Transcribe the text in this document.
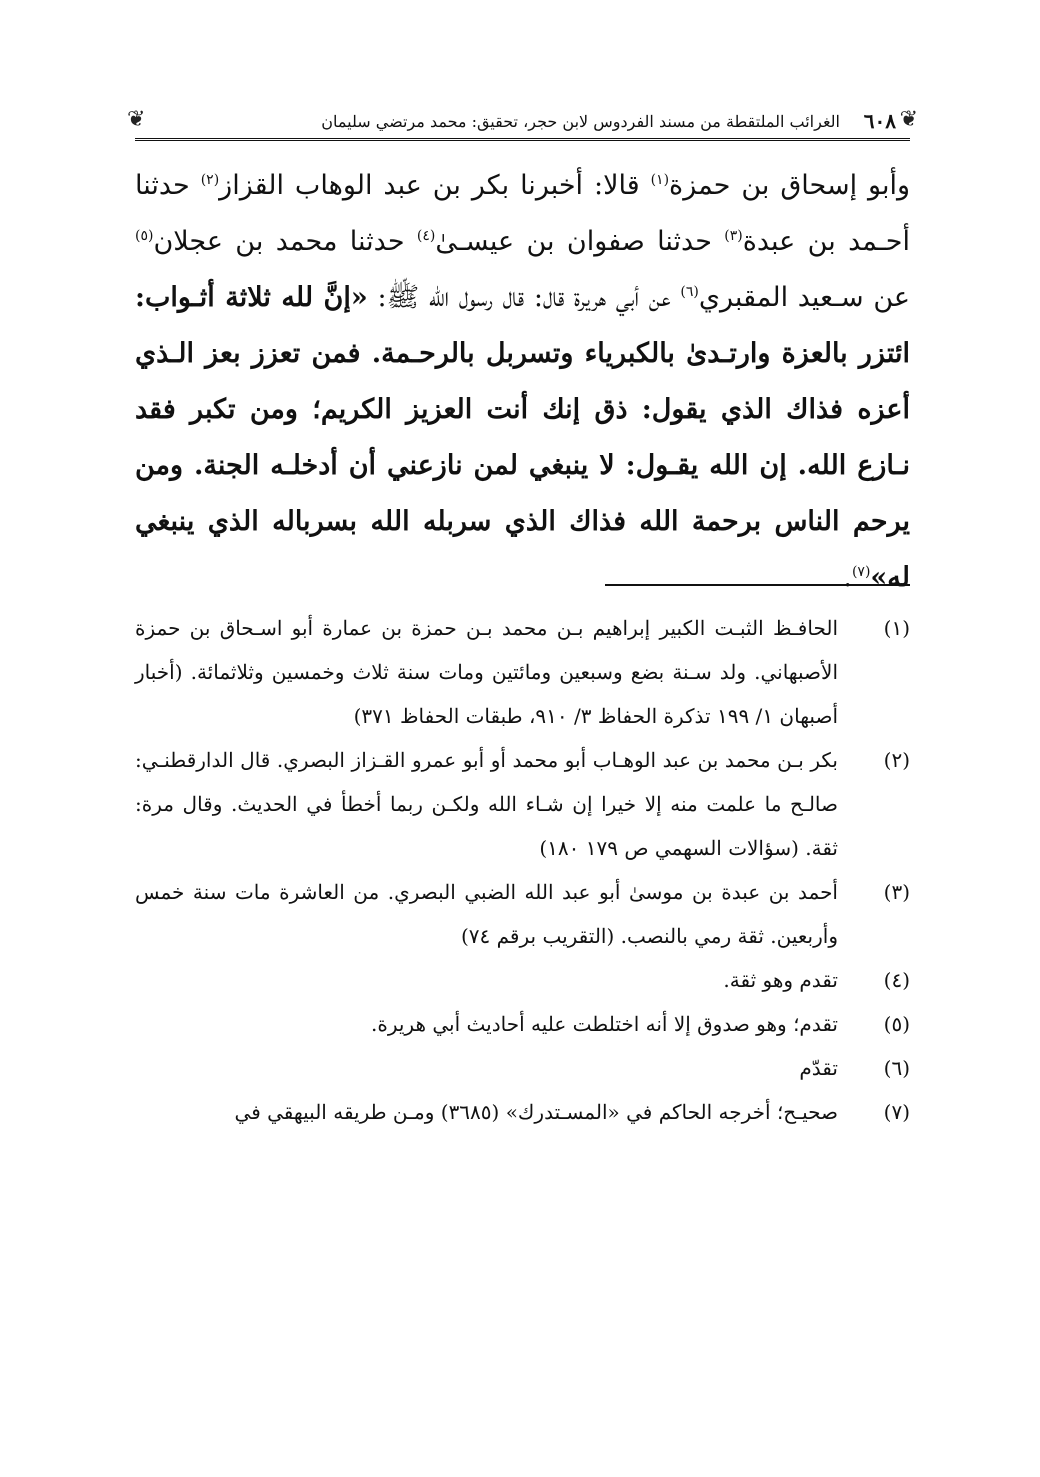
❦
٦٠٨
الغرائب الملتقطة من مسند الفردوس لابن حجر، تحقيق: محمد مرتضي سليمان
❦
وأبو إسحاق بن حمزة$^{(١)}$ قالا: أخبرنا بكر بن عبد الوهاب القزاز$^{(٢)}$ حدثنا أحـمد بن عبدة$^{(٣)}$ حدثنا صفوان بن عيسـىٰ$^{(٤)}$ حدثنا محمد بن عجلان$^{(٥)}$ عن سـعيد المقبري$^{(٦)}$ عن أبي هريرة قال: قال رسول الله ﷺ: «إنَّ لله ثلاثة أثـواب: ائتزر بالعزة وارتـدىٰ بالكبرياء وتسربل بالرحـمة. فمن تعزز بعز الـذي أعزه فذاك الذي يقول: ذق إنك أنت العزيز الكريم؛ ومن تكبر فقد نـازع الله. إن الله يقـول: لا ينبغي لمن نازعني أن أدخلـه الجنة. ومن يرحم الناس برحمة الله فذاك الذي سربله الله بسرباله الذي ينبغي له»$^{(٧)}$.
(١)
الحافـظ الثبـت الكبير إبراهيم بـن محمد بـن حمزة بن عمارة أبو اسـحاق بن حمزة الأصبهاني. ولد سـنة بضع وسبعين ومائتين ومات سنة ثلاث وخمسين وثلاثمائة. (أخبار أصبهان ١/ ١٩٩ تذكرة الحفاظ ٣/ ٩١٠، طبقات الحفاظ ٣٧١)
(٢)
بكر بـن محمد بن عبد الوهـاب أبو محمد أو أبو عمرو القـزاز البصري. قال الدارقطنـي: صالـح ما علمت منه إلا خيرا إن شـاء الله ولكـن ربما أخطأ في الحديث. وقال مرة: ثقة. (سؤالات السهمي ص ١٧٩ ١٨٠)
(٣)
أحمد بن عبدة بن موسىٰ أبو عبد الله الضبي البصري. من العاشرة مات سنة خمس وأربعين. ثقة رمي بالنصب. (التقريب برقم ٧٤)
(٤)
تقدم وهو ثقة.
(٥)
تقدم؛ وهو صدوق إلا أنه اختلطت عليه أحاديث أبي هريرة.
(٦)
تقدّم
(٧)
صحيـح؛ أخرجه الحاكم في «المسـتدرك» (٣٦٨٥) ومـن طريقه البيهقي في
